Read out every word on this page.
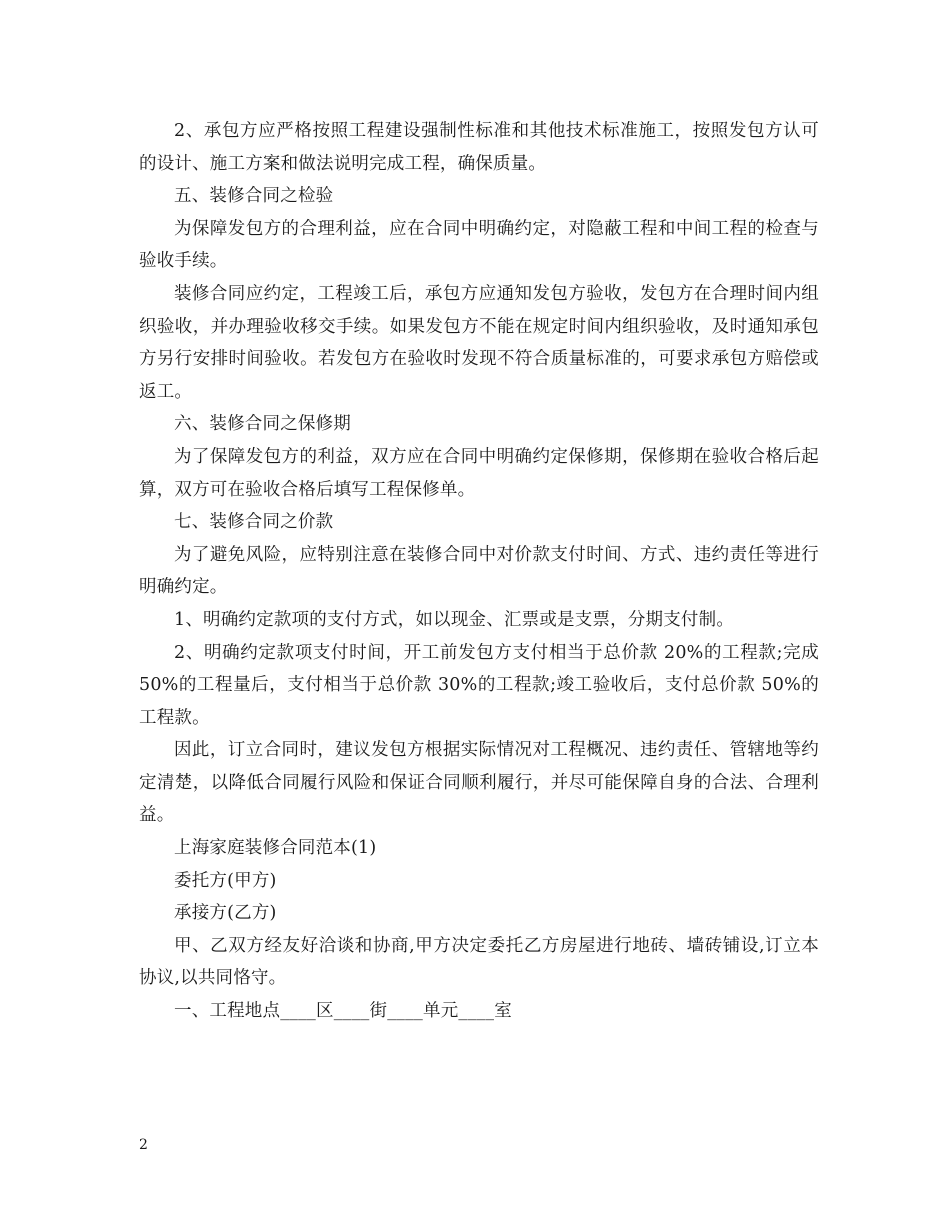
2、承包方应严格按照工程建设强制性标准和其他技术标准施工，按照发包方认可的设计、施工方案和做法说明完成工程，确保质量。

五、装修合同之检验

为保障发包方的合理利益，应在合同中明确约定，对隐蔽工程和中间工程的检查与验收手续。

装修合同应约定，工程竣工后，承包方应通知发包方验收，发包方在合理时间内组织验收，并办理验收移交手续。如果发包方不能在规定时间内组织验收，及时通知承包方另行安排时间验收。若发包方在验收时发现不符合质量标准的，可要求承包方赔偿或返工。

六、装修合同之保修期

为了保障发包方的利益，双方应在合同中明确约定保修期，保修期在验收合格后起算，双方可在验收合格后填写工程保修单。

七、装修合同之价款

为了避免风险，应特别注意在装修合同中对价款支付时间、方式、违约责任等进行明确约定。

1、明确约定款项的支付方式，如以现金、汇票或是支票，分期支付制。

2、明确约定款项支付时间，开工前发包方支付相当于总价款 20%的工程款;完成 50%的工程量后，支付相当于总价款 30%的工程款;竣工验收后，支付总价款 50%的工程款。

因此，订立合同时，建议发包方根据实际情况对工程概况、违约责任、管辖地等约定清楚，以降低合同履行风险和保证合同顺利履行，并尽可能保障自身的合法、合理利益。

上海家庭装修合同范本(1)

委托方(甲方)

承接方(乙方)

甲、乙双方经友好洽谈和协商,甲方决定委托乙方房屋进行地砖、墙砖铺设,订立本协议,以共同恪守。

一、工程地点____区____街____单元____室

2
